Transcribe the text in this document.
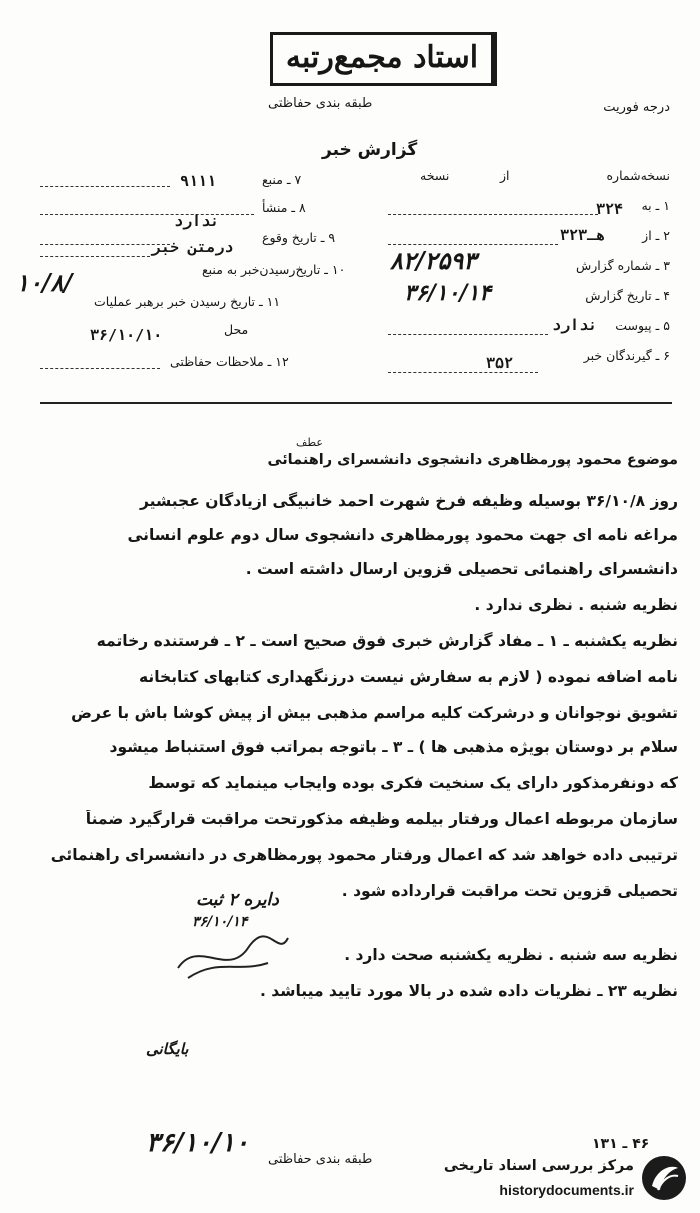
استاد مجمع‌رتبه
طبقه بندی حفاظتی	درجه فوریت
گزارش خبر
نسخه‌شماره
از
نسخه
۱ ـ به
۳۲۴
۲ ـ از
۳۲۳هـ
۳ ـ شماره گزارش
۸۲/۲۵۹۳
۴ ـ تاریخ گزارش
۳۶/۱۰/۱۴
۵ ـ پیوست
ندارد
۶ ـ گیرندگان خبر
۳۵۲
۷ ـ منبع
۹۱۱۱
۸ ـ منشأ
۹ ـ تاریخ وقوع
ندارد
۱۰ ـ تاریخ‌رسیدن‌خبر به منبع
درمتن خبر
۱۰/۸/
۱۱ ـ تاریخ رسیدن خبر برهبر عملیات
محل
۳۶/۱۰/۱۰
۱۲ ـ ملاحظات حفاظتی
عطف
موضوع محمود پورمظاهری دانشجوی دانشسرای راهنمائی
روز ۳۶/۱۰/۸ بوسیله وظیفه فرخ شهرت احمد خانبیگی ازیادگان عجبشیر
مراغه نامه ای جهت محمود پورمظاهری دانشجوی سال دوم علوم انسانی
دانشسرای راهنمائی تحصیلی قزوین ارسال داشته است .
نظریه شنبه . نظری ندارد .
نظریه یکشنبه ـ ۱ ـ مفاد گزارش خبری فوق صحیح است ـ ۲ ـ فرستنده رخاتمه
نامه اضافه نموده ( لازم به سفارش نیست درزنگهداری کتابهای کتابخانه
تشویق نوجوانان و درشرکت کلیه مراسم مذهبی بیش از پیش کوشا باش با عرض
سلام بر دوستان بویژه مذهبی ها ) ـ ۳ ـ باتوجه بمراتب فوق استنباط میشود
که دونفرمذکور دارای یک سنخیت فکری بوده وایجاب مینماید که توسط
سازمان مربوطه اعمال ورفتار بیلمه وظیفه مذکورتحت مراقبت قرارگیرد ضمناً
ترتیبی داده خواهد شد که اعمال ورفتار محمود پورمظاهری در دانشسرای راهنمائی
تحصیلی قزوین تحت مراقبت قرارداده شود .
نظریه سه شنبه . نظریه یکشنبه صحت دارد .
نظریه ۲۳ ـ نظریات داده شده در بالا مورد تایید میباشد .
دایره ۲ ثبت
۳۶/۱۰/۱۴
بایگانی
۳۶/۱۰/۱۰
طبقه بندی حفاظتی
۴۶ ـ ۱۳۱
مرکز بررسی اسناد تاریخی
historydocuments.ir
